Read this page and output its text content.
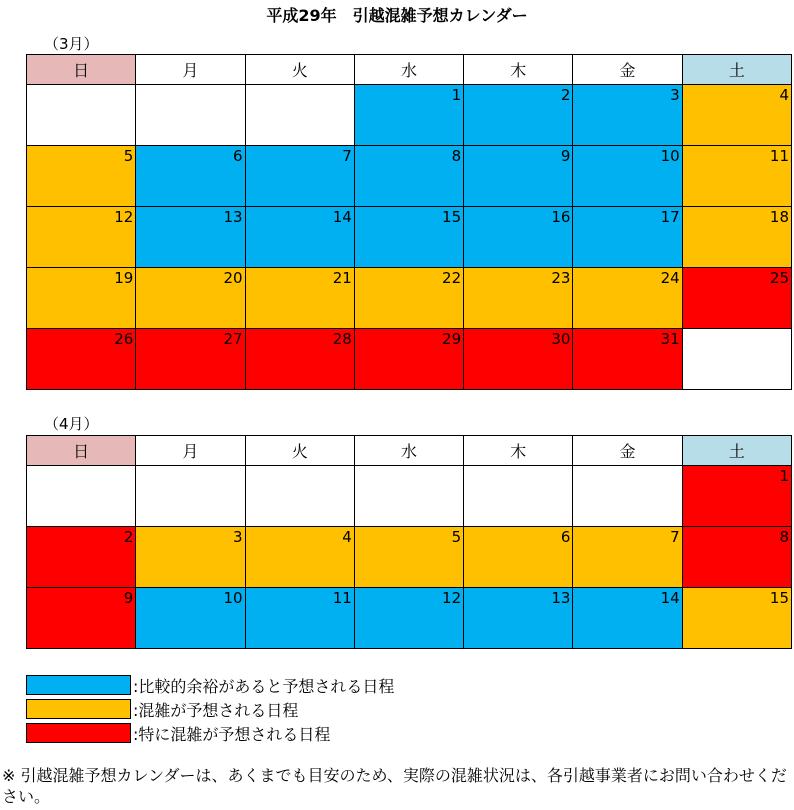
平成29年　引越混雑予想カレンダー
（3月）
日	月	火	水	木	金	土
			1	2	3	4
5	6	7	8	9	10	11
12	13	14	15	16	17	18
19	20	21	22	23	24	25
26	27	28	29	30	31	
（4月）
日	月	火	水	木	金	土
						1
2	3	4	5	6	7	8
9	10	11	12	13	14	15
:比較的余裕があると予想される日程
:混雑が予想される日程
:特に混雑が予想される日程
※ 引越混雑予想カレンダーは、あくまでも目安のため、実際の混雑状況は、各引越事業者にお問い合わせください。
